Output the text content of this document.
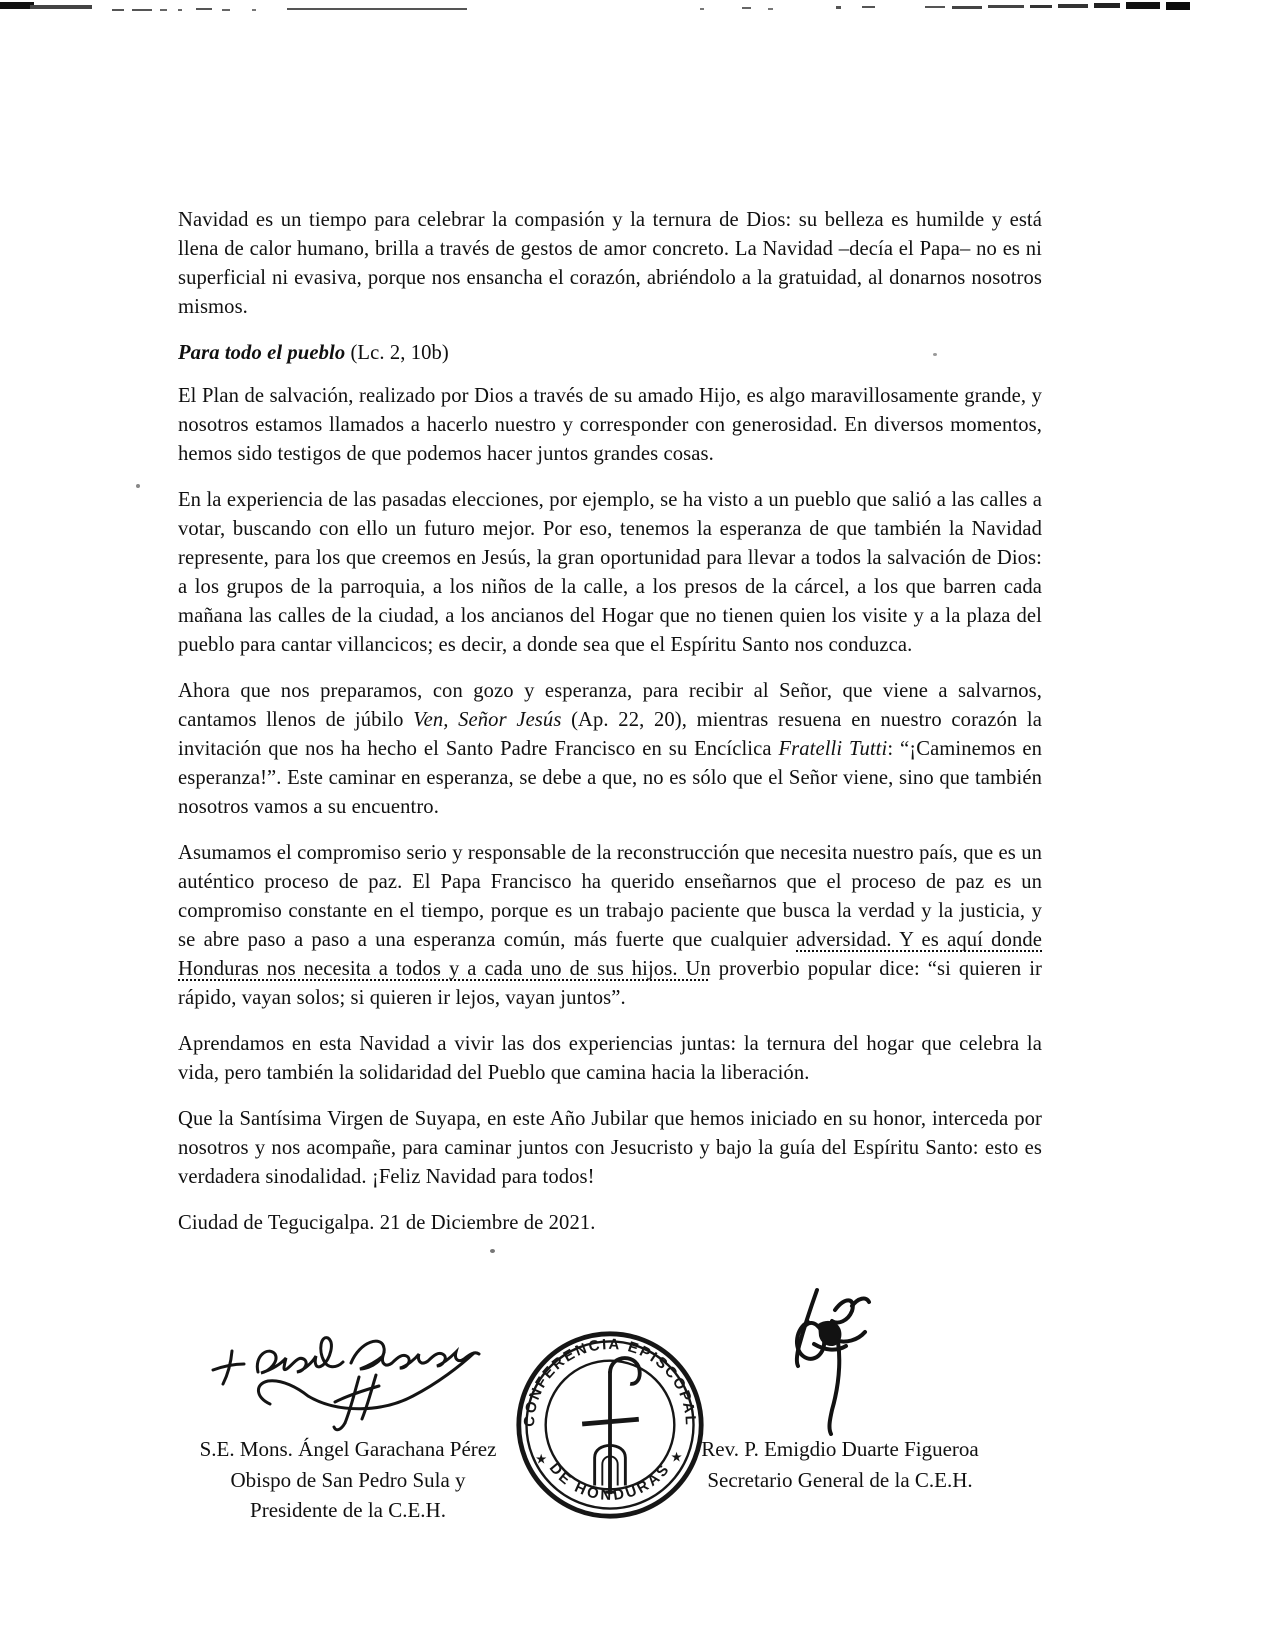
Navidad es un tiempo para celebrar la compasión y la ternura de Dios: su belleza es humilde y está llena de calor humano, brilla a través de gestos de amor concreto. La Navidad –decía el Papa– no es ni superficial ni evasiva, porque nos ensancha el corazón, abriéndolo a la gratuidad, al donarnos nosotros mismos.

Para todo el pueblo (Lc. 2, 10b)

El Plan de salvación, realizado por Dios a través de su amado Hijo, es algo maravillosamente grande, y nosotros estamos llamados a hacerlo nuestro y corresponder con generosidad. En diversos momentos, hemos sido testigos de que podemos hacer juntos grandes cosas.

En la experiencia de las pasadas elecciones, por ejemplo, se ha visto a un pueblo que salió a las calles a votar, buscando con ello un futuro mejor. Por eso, tenemos la esperanza de que también la Navidad represente, para los que creemos en Jesús, la gran oportunidad para llevar a todos la salvación de Dios: a los grupos de la parroquia, a los niños de la calle, a los presos de la cárcel, a los que barren cada mañana las calles de la ciudad, a los ancianos del Hogar que no tienen quien los visite y a la plaza del pueblo para cantar villancicos; es decir, a donde sea que el Espíritu Santo nos conduzca.

Ahora que nos preparamos, con gozo y esperanza, para recibir al Señor, que viene a salvarnos, cantamos llenos de júbilo Ven, Señor Jesús (Ap. 22, 20), mientras resuena en nuestro corazón la invitación que nos ha hecho el Santo Padre Francisco en su Encíclica Fratelli Tutti: “¡Caminemos en esperanza!”. Este caminar en esperanza, se debe a que, no es sólo que el Señor viene, sino que también nosotros vamos a su encuentro.

Asumamos el compromiso serio y responsable de la reconstrucción que necesita nuestro país, que es un auténtico proceso de paz. El Papa Francisco ha querido enseñarnos que el proceso de paz es un compromiso constante en el tiempo, porque es un trabajo paciente que busca la verdad y la justicia, y se abre paso a paso a una esperanza común, más fuerte que cualquier adversidad. Y es aquí donde Honduras nos necesita a todos y a cada uno de sus hijos. Un proverbio popular dice: “si quieren ir rápido, vayan solos; si quieren ir lejos, vayan juntos”.

Aprendamos en esta Navidad a vivir las dos experiencias juntas: la ternura del hogar que celebra la vida, pero también la solidaridad del Pueblo que camina hacia la liberación.

Que la Santísima Virgen de Suyapa, en este Año Jubilar que hemos iniciado en su honor, interceda por nosotros y nos acompañe, para caminar juntos con Jesucristo y bajo la guía del Espíritu Santo: esto es verdadera sinodalidad. ¡Feliz Navidad para todos!

Ciudad de Tegucigalpa. 21 de Diciembre de 2021.

CONFERENCIA EPISCOPAL
DE HONDURAS
★	★
S.E. Mons. Ángel Garachana Pérez
Obispo de San Pedro Sula y
Presidente de la C.E.H.
Rev. P. Emigdio Duarte Figueroa
Secretario General de la C.E.H.
